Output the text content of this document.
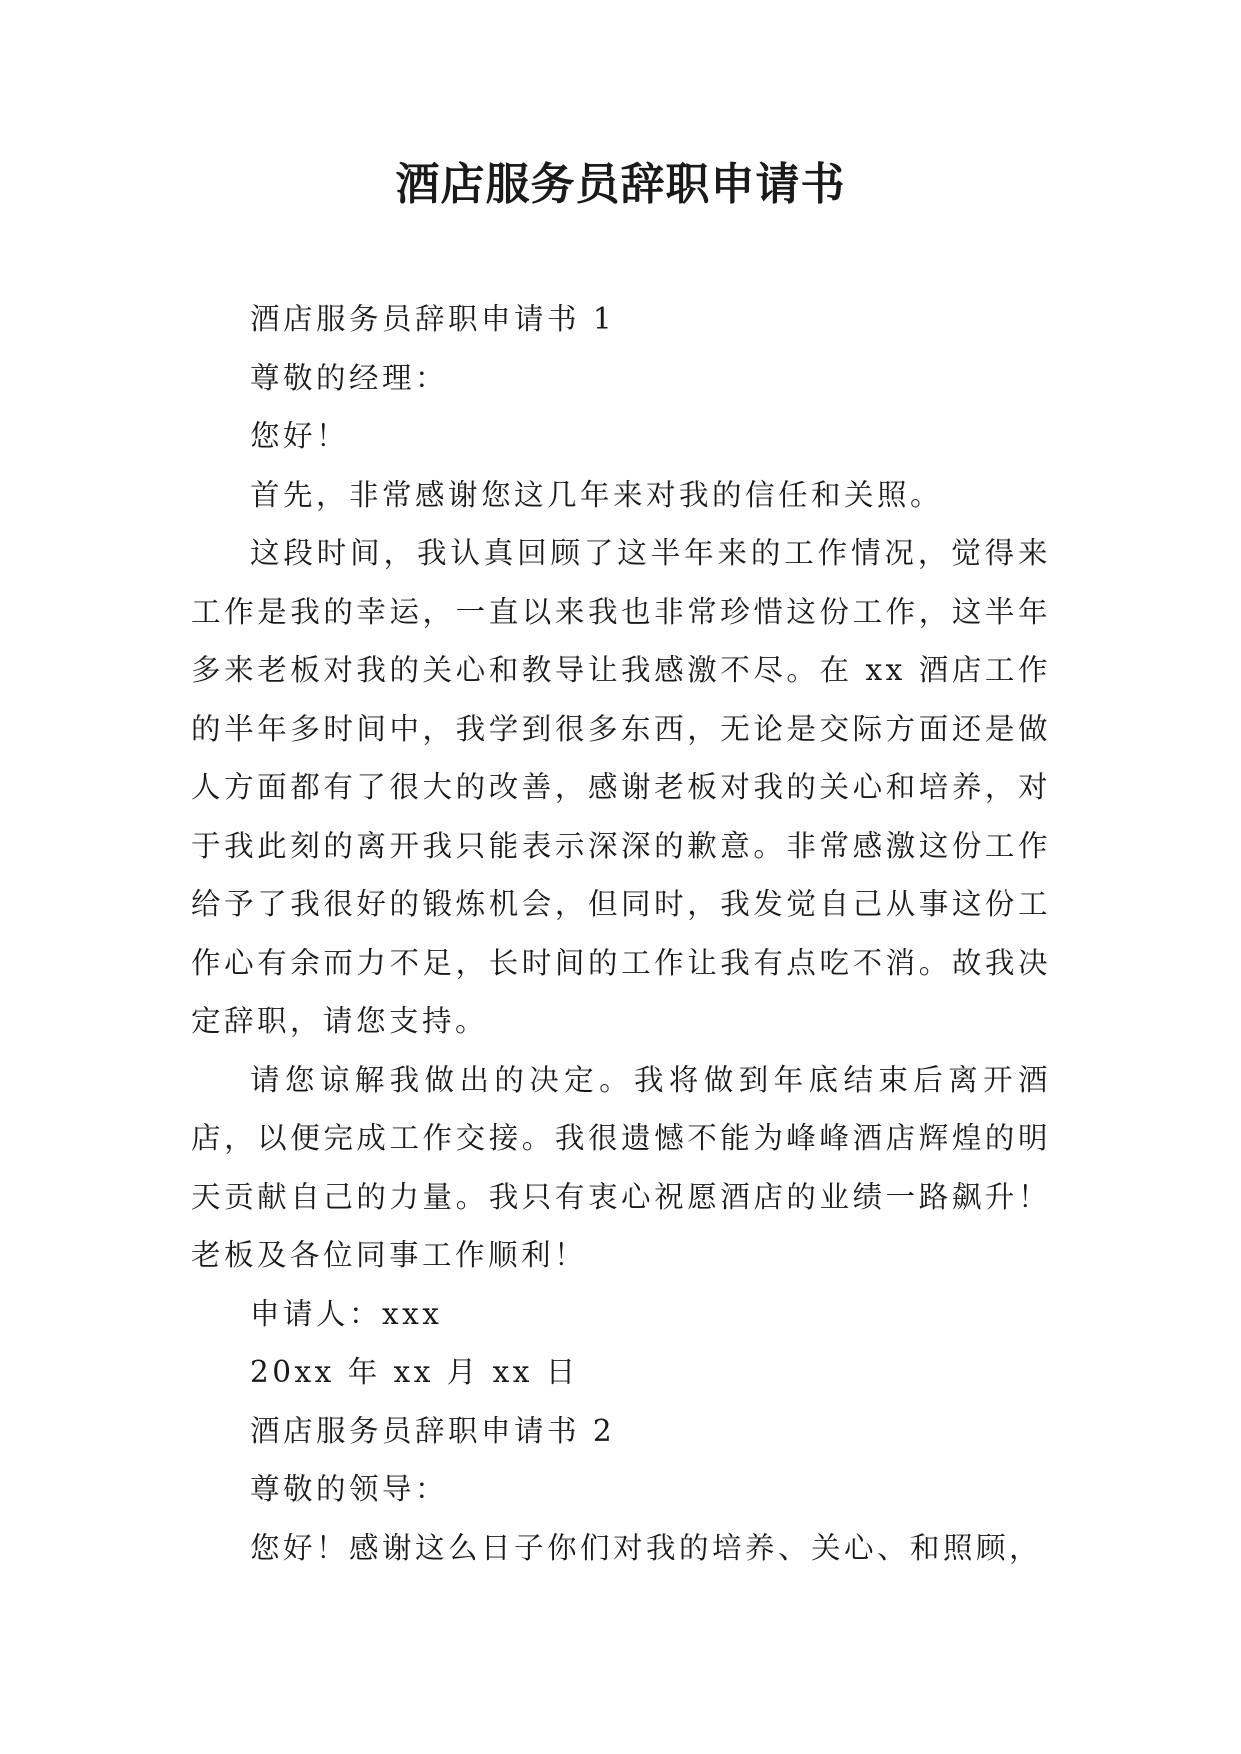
酒店服务员辞职申请书

酒店服务员辞职申请书 1

尊敬的经理：

您好！

首先，非常感谢您这几年来对我的信任和关照。

这段时间，我认真回顾了这半年来的工作情况，觉得来工作是我的幸运，一直以来我也非常珍惜这份工作，这半年多来老板对我的关心和教导让我感激不尽。在 xx 酒店工作的半年多时间中，我学到很多东西，无论是交际方面还是做人方面都有了很大的改善，感谢老板对我的关心和培养，对于我此刻的离开我只能表示深深的歉意。非常感激这份工作给予了我很好的锻炼机会，但同时，我发觉自己从事这份工作心有余而力不足，长时间的工作让我有点吃不消。故我决定辞职，请您支持。

请您谅解我做出的决定。我将做到年底结束后离开酒店，以便完成工作交接。我很遗憾不能为峰峰酒店辉煌的明天贡献自己的力量。我只有衷心祝愿酒店的业绩一路飙升！老板及各位同事工作顺利！

申请人：xxx

20xx 年 xx 月 xx 日

酒店服务员辞职申请书 2

尊敬的领导：

您好！感谢这么日子你们对我的培养、关心、和照顾，
